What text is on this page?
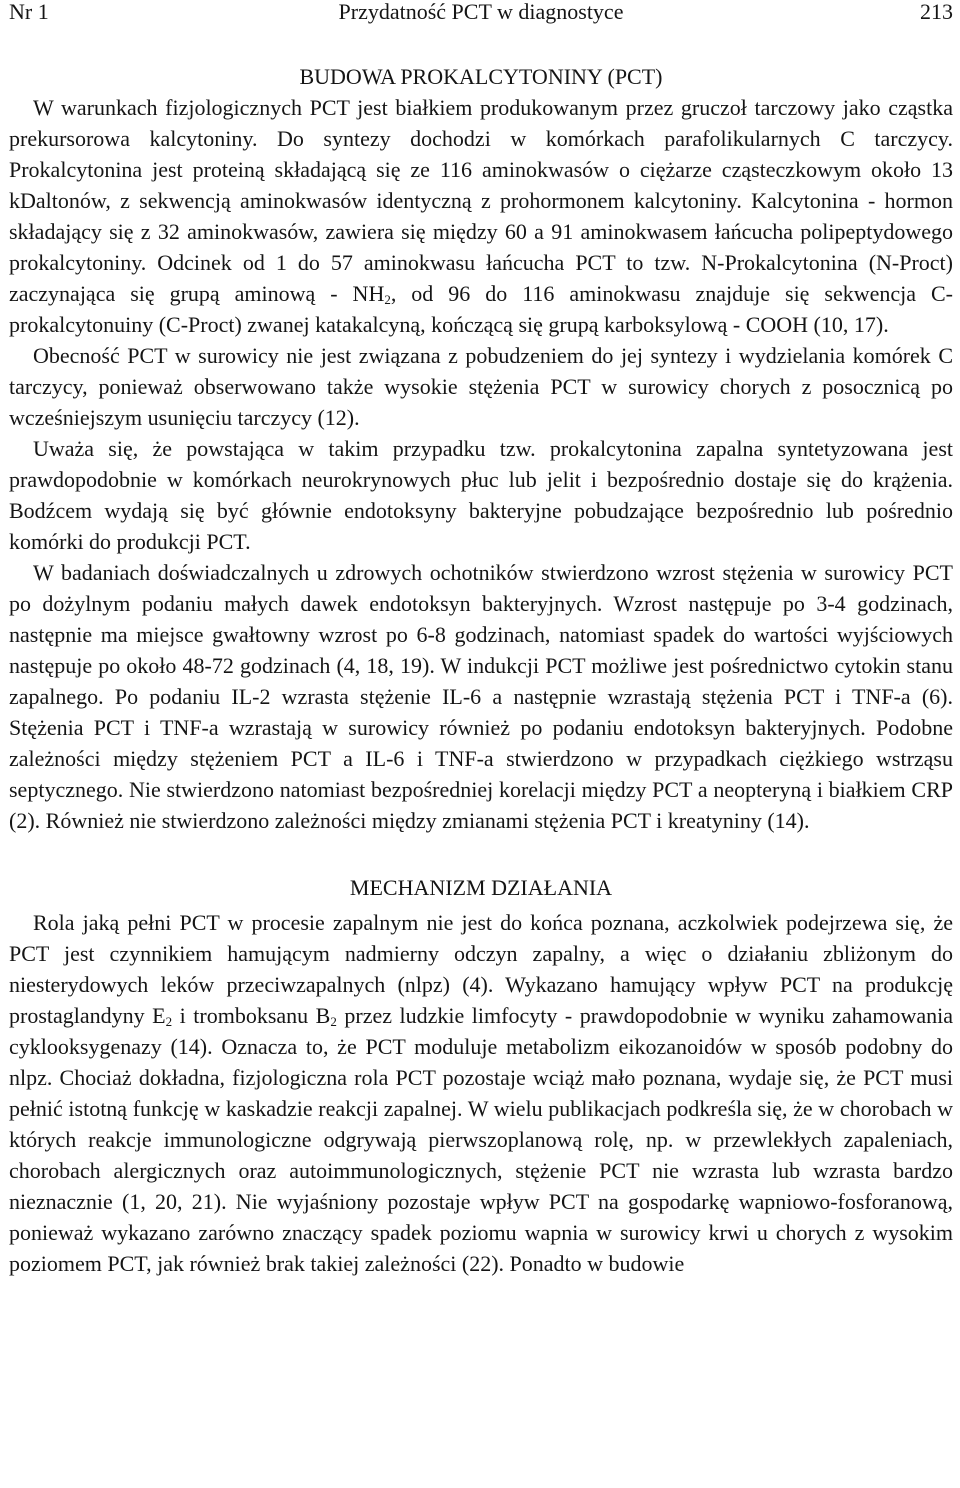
Nr 1	Przydatność PCT w diagnostyce	213
BUDOWA PROKALCYTONINY (PCT)

W warunkach fizjologicznych PCT jest białkiem produkowanym przez gruczoł tarczowy jako cząstka prekursorowa kalcytoniny. Do syntezy dochodzi w komórkach parafolikularnych C tarczycy. Prokalcytonina jest proteiną składającą się ze 116 aminokwasów o ciężarze cząsteczkowym około 13 kDaltonów, z sekwencją aminokwasów identyczną z prohormonem kalcytoniny. Kalcytonina - hormon składający się z 32 aminokwasów, zawiera się między 60 a 91 aminokwasem łańcucha polipeptydowego prokalcytoniny. Odcinek od 1 do 57 aminokwasu łańcucha PCT to tzw. N-Prokalcytonina (N-Proct) zaczynająca się grupą aminową - $NH_2$, od 96 do 116 aminokwasu znajduje się sekwencja C-prokalcytonuiny (C-Proct) zwanej katakalcyną, kończącą się grupą karboksylową - COOH (10, 17).

Obecność PCT w surowicy nie jest związana z pobudzeniem do jej syntezy i wydzielania komórek C tarczycy, ponieważ obserwowano także wysokie stężenia PCT w surowicy chorych z posocznicą po wcześniejszym usunięciu tarczycy (12).

Uważa się, że powstająca w takim przypadku tzw. prokalcytonina zapalna syntetyzowana jest prawdopodobnie w komórkach neurokrynowych płuc lub jelit i bezpośrednio dostaje się do krążenia. Bodźcem wydają się być głównie endotoksyny bakteryjne pobudzające bezpośrednio lub pośrednio komórki do produkcji PCT.

W badaniach doświadczalnych u zdrowych ochotników stwierdzono wzrost stężenia w surowicy PCT po dożylnym podaniu małych dawek endotoksyn bakteryjnych. Wzrost następuje po 3-4 godzinach, następnie ma miejsce gwałtowny wzrost po 6-8 godzinach, natomiast spadek do wartości wyjściowych następuje po około 48-72 godzinach (4, 18, 19). W indukcji PCT możliwe jest pośrednictwo cytokin stanu zapalnego. Po podaniu IL-2 wzrasta stężenie IL-6 a następnie wzrastają stężenia PCT i TNF-a (6). Stężenia PCT i TNF-a wzrastają w surowicy również po podaniu endotoksyn bakteryjnych. Podobne zależności między stężeniem PCT a IL-6 i TNF-a stwierdzono w przypadkach ciężkiego wstrząsu septycznego. Nie stwierdzono natomiast bezpośredniej korelacji między PCT a neopteryną i białkiem CRP (2). Również nie stwierdzono zależności między zmianami stężenia PCT i kreatyniny (14).

MECHANIZM DZIAŁANIA

Rola jaką pełni PCT w procesie zapalnym nie jest do końca poznana, aczkolwiek podejrzewa się, że PCT jest czynnikiem hamującym nadmierny odczyn zapalny, a więc o działaniu zbliżonym do niesterydowych leków przeciwzapalnych (nlpz) (4). Wykazano hamujący wpływ PCT na produkcję prostaglandyny $E_2$ i tromboksanu $B_2$ przez ludzkie limfocyty - prawdopodobnie w wyniku zahamowania cyklooksygenazy (14). Oznacza to, że PCT moduluje metabolizm eikozanoidów w sposób podobny do nlpz. Chociaż dokładna, fizjologiczna rola PCT pozostaje wciąż mało poznana, wydaje się, że PCT musi pełnić istotną funkcję w kaskadzie reakcji zapalnej. W wielu publikacjach podkreśla się, że w chorobach w których reakcje immunologiczne odgrywają pierwszoplanową rolę, np. w przewlekłych zapaleniach, chorobach alergicznych oraz autoimmunologicznych, stężenie PCT nie wzrasta lub wzrasta bardzo nieznacznie (1, 20, 21). Nie wyjaśniony pozostaje wpływ PCT na gospodarkę wapniowo-fosforanową, ponieważ wykazano zarówno znaczący spadek poziomu wapnia w surowicy krwi u chorych z wysokim poziomem PCT, jak również brak takiej zależności (22). Ponadto w budowie
